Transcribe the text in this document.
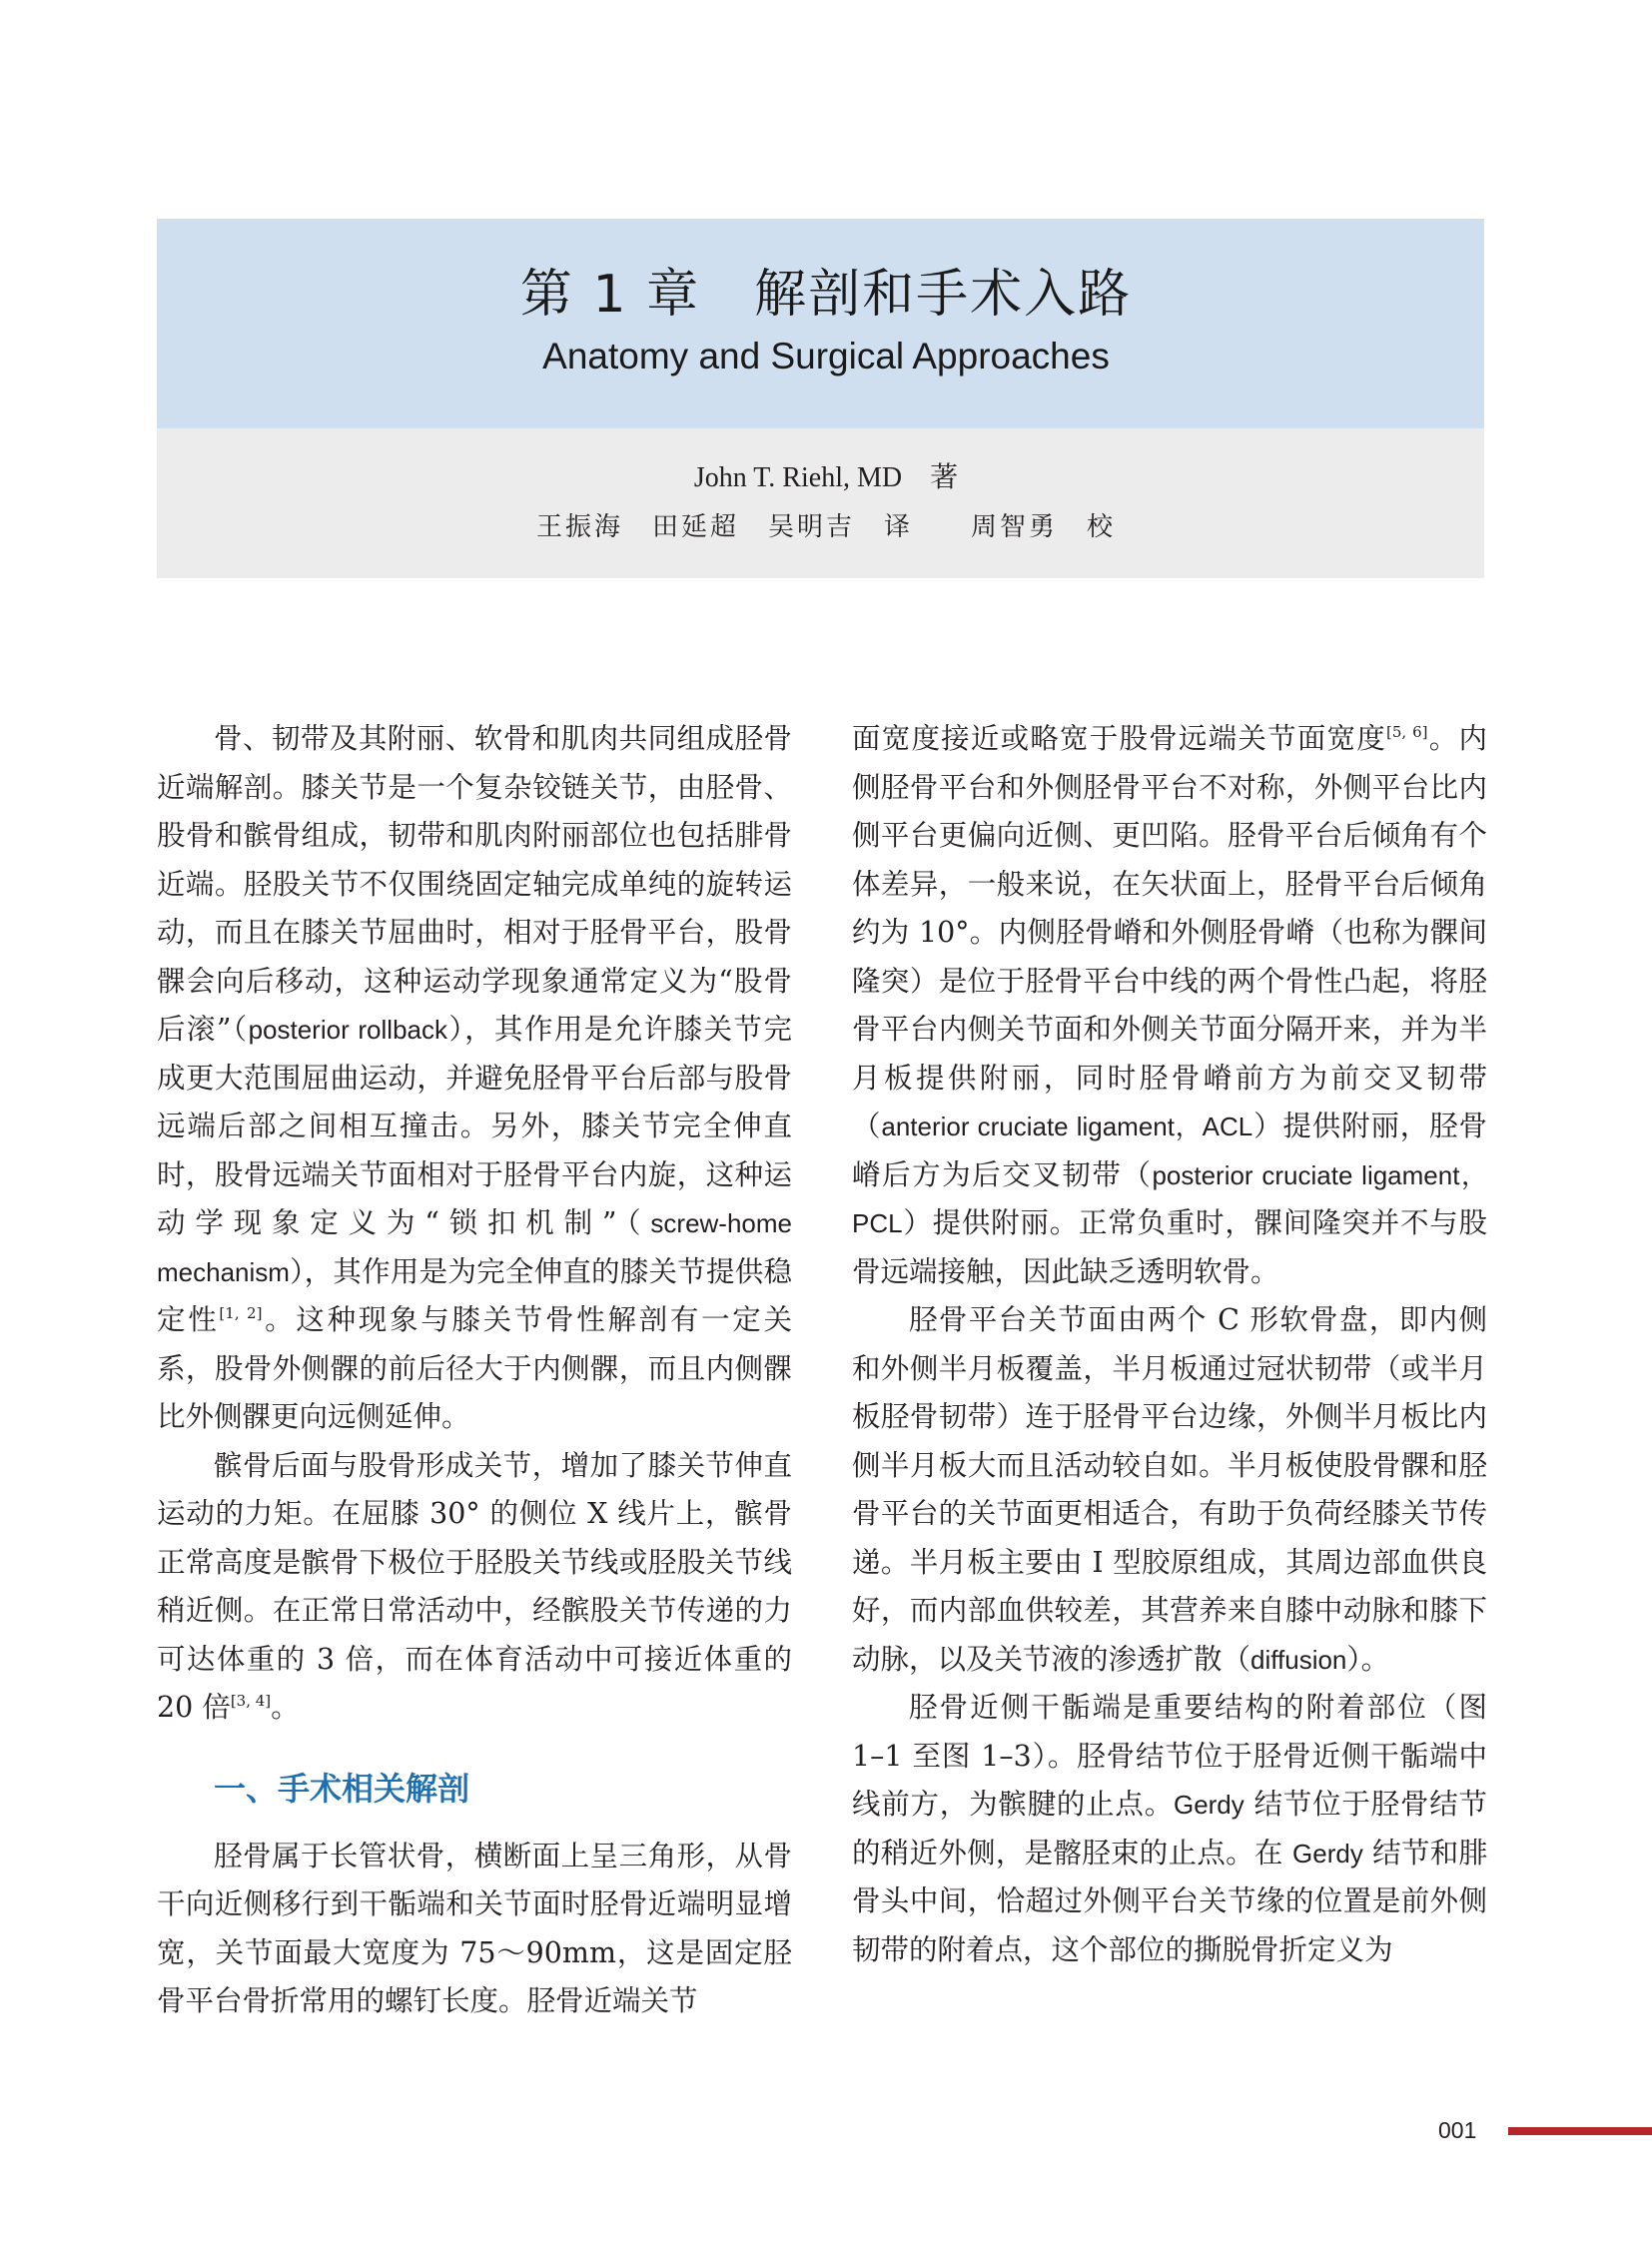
第 1 章　解剖和手术入路
Anatomy and Surgical Approaches
John T. Riehl, MD　著
王振海　田延超　吴明吉　译　　周智勇　校

骨、韧带及其附丽、软骨和肌肉共同组成胫骨近端解剖。膝关节是一个复杂铰链关节，由胫骨、股骨和髌骨组成，韧带和肌肉附丽部位也包括腓骨近端。胫股关节不仅围绕固定轴完成单纯的旋转运动，而且在膝关节屈曲时，相对于胫骨平台，股骨髁会向后移动，这种运动学现象通常定义为“股骨后滚”（posterior rollback），其作用是允许膝关节完成更大范围屈曲运动，并避免胫骨平台后部与股骨远端后部之间相互撞击。另外，膝关节完全伸直时，股骨远端关节面相对于胫骨平台内旋，这种运动学现象定义为“锁扣机制”（screw-home mechanism），其作用是为完全伸直的膝关节提供稳定性[1, 2]。这种现象与膝关节骨性解剖有一定关系，股骨外侧髁的前后径大于内侧髁，而且内侧髁比外侧髁更向远侧延伸。

髌骨后面与股骨形成关节，增加了膝关节伸直运动的力矩。在屈膝 30° 的侧位 X 线片上，髌骨正常高度是髌骨下极位于胫股关节线或胫股关节线稍近侧。在正常日常活动中，经髌股关节传递的力可达体重的 3 倍，而在体育活动中可接近体重的 20 倍[3, 4]。

一、手术相关解剖

胫骨属于长管状骨，横断面上呈三角形，从骨干向近侧移行到干骺端和关节面时胫骨近端明显增宽，关节面最大宽度为 75～90mm，这是固定胫骨平台骨折常用的螺钉长度。胫骨近端关节

面宽度接近或略宽于股骨远端关节面宽度[5, 6]。内侧胫骨平台和外侧胫骨平台不对称，外侧平台比内侧平台更偏向近侧、更凹陷。胫骨平台后倾角有个体差异，一般来说，在矢状面上，胫骨平台后倾角约为 10°。内侧胫骨嵴和外侧胫骨嵴（也称为髁间隆突）是位于胫骨平台中线的两个骨性凸起，将胫骨平台内侧关节面和外侧关节面分隔开来，并为半月板提供附丽，同时胫骨嵴前方为前交叉韧带（anterior cruciate ligament，ACL）提供附丽，胫骨嵴后方为后交叉韧带（posterior cruciate ligament，PCL）提供附丽。正常负重时，髁间隆突并不与股骨远端接触，因此缺乏透明软骨。

胫骨平台关节面由两个 C 形软骨盘，即内侧和外侧半月板覆盖，半月板通过冠状韧带（或半月板胫骨韧带）连于胫骨平台边缘，外侧半月板比内侧半月板大而且活动较自如。半月板使股骨髁和胫骨平台的关节面更相适合，有助于负荷经膝关节传递。半月板主要由 I 型胶原组成，其周边部血供良好，而内部血供较差，其营养来自膝中动脉和膝下动脉，以及关节液的渗透扩散（diffusion）。

胫骨近侧干骺端是重要结构的附着部位（图 1–1 至图 1–3）。胫骨结节位于胫骨近侧干骺端中线前方，为髌腱的止点。Gerdy 结节位于胫骨结节的稍近外侧，是髂胫束的止点。在 Gerdy 结节和腓骨头中间，恰超过外侧平台关节缘的位置是前外侧韧带的附着点，这个部位的撕脱骨折定义为

001
